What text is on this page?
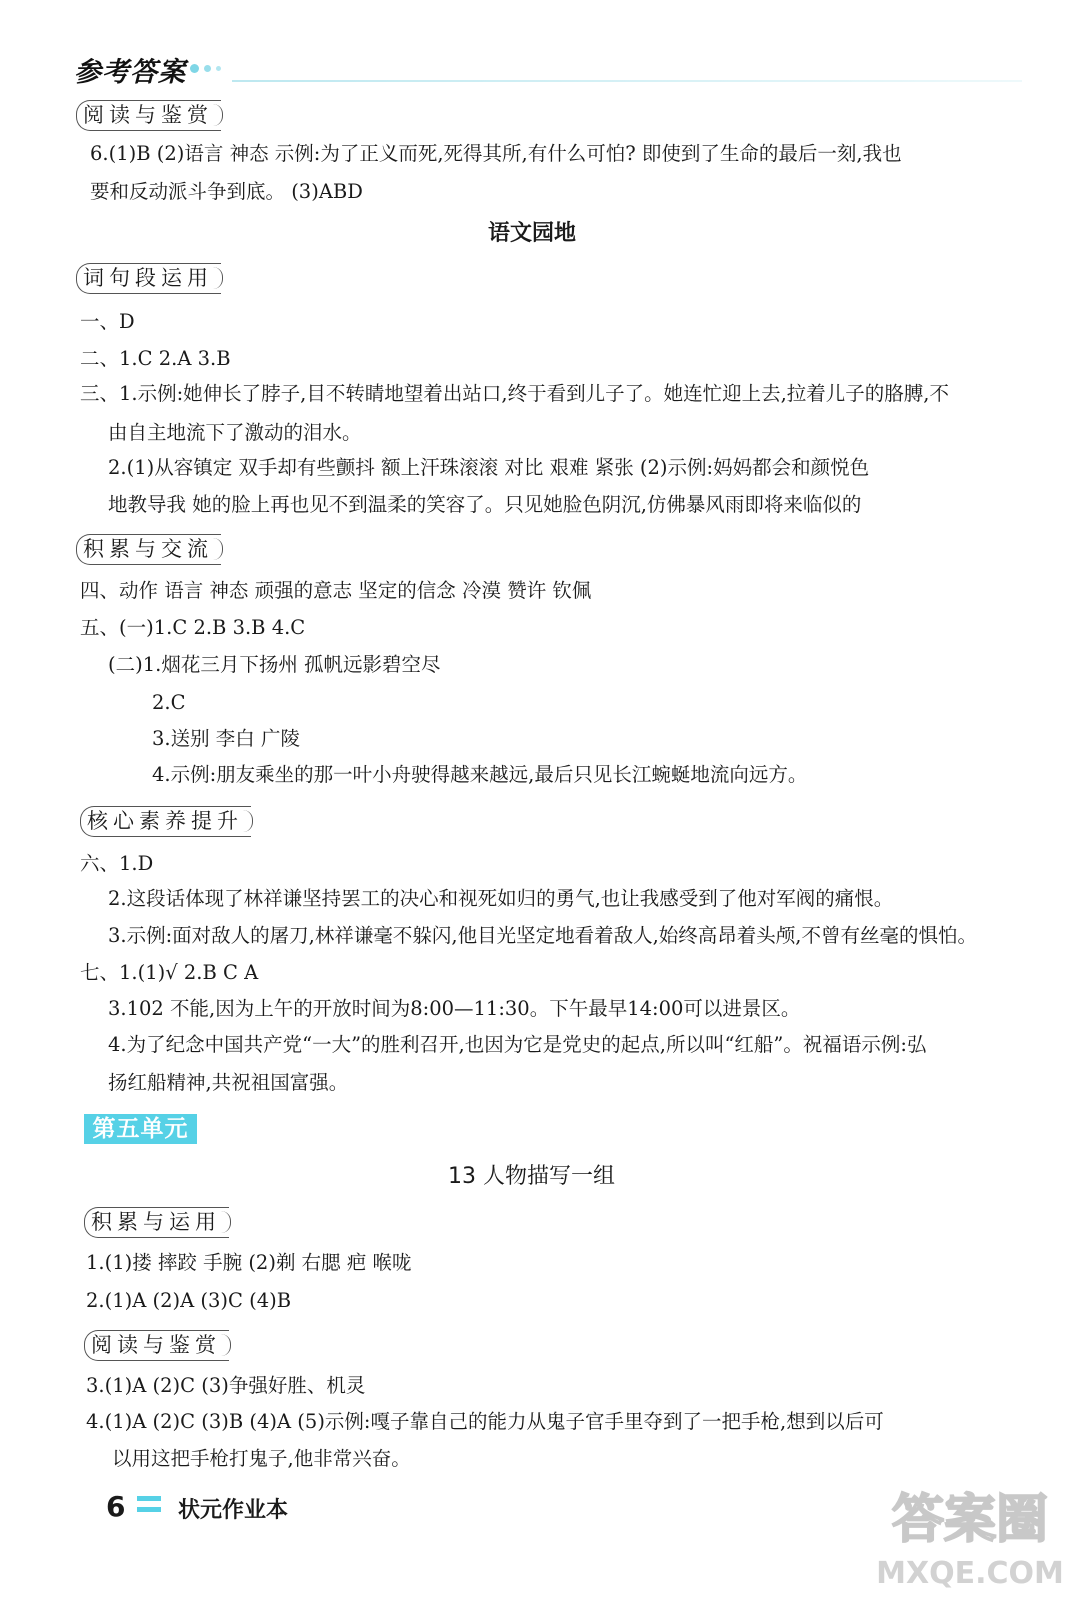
参考答案
阅读与鉴赏
6.(1)B (2)语言 神态 示例:为了正义而死,死得其所,有什么可怕? 即使到了生命的最后一刻,我也
要和反动派斗争到底。 (3)ABD
语文园地
词句段运用
一、D
二、1.C 2.A 3.B
三、1.示例:她伸长了脖子,目不转睛地望着出站口,终于看到儿子了。她连忙迎上去,拉着儿子的胳膊,不
由自主地流下了激动的泪水。
2.(1)从容镇定 双手却有些颤抖 额上汗珠滚滚 对比 艰难 紧张 (2)示例:妈妈都会和颜悦色
地教导我 她的脸上再也见不到温柔的笑容了。只见她脸色阴沉,仿佛暴风雨即将来临似的
积累与交流
四、动作 语言 神态 顽强的意志 坚定的信念 冷漠 赞许 钦佩
五、(一)1.C 2.B 3.B 4.C
(二)1.烟花三月下扬州 孤帆远影碧空尽
2.C
3.送别 李白 广陵
4.示例:朋友乘坐的那一叶小舟驶得越来越远,最后只见长江蜿蜒地流向远方。
核心素养提升
六、1.D
2.这段话体现了林祥谦坚持罢工的决心和视死如归的勇气,也让我感受到了他对军阀的痛恨。
3.示例:面对敌人的屠刀,林祥谦毫不躲闪,他目光坚定地看着敌人,始终高昂着头颅,不曾有丝毫的惧怕。
七、1.(1)√ 2.B C A
3.102 不能,因为上午的开放时间为8:00—11:30。下午最早14:00可以进景区。
4.为了纪念中国共产党“一大”的胜利召开,也因为它是党史的起点,所以叫“红船”。祝福语示例:弘
扬红船精神,共祝祖国富强。
第五单元
13 人物描写一组
积累与运用
1.(1)搂 摔跤 手腕 (2)剃 右腮 疤 喉咙
2.(1)A (2)A (3)C (4)B
阅读与鉴赏
3.(1)A (2)C (3)争强好胜、机灵
4.(1)A (2)C (3)B (4)A (5)示例:嘎子靠自己的能力从鬼子官手里夺到了一把手枪,想到以后可
以用这把手枪打鬼子,他非常兴奋。
6 状元作业本	答案圈
MXQE.COM
